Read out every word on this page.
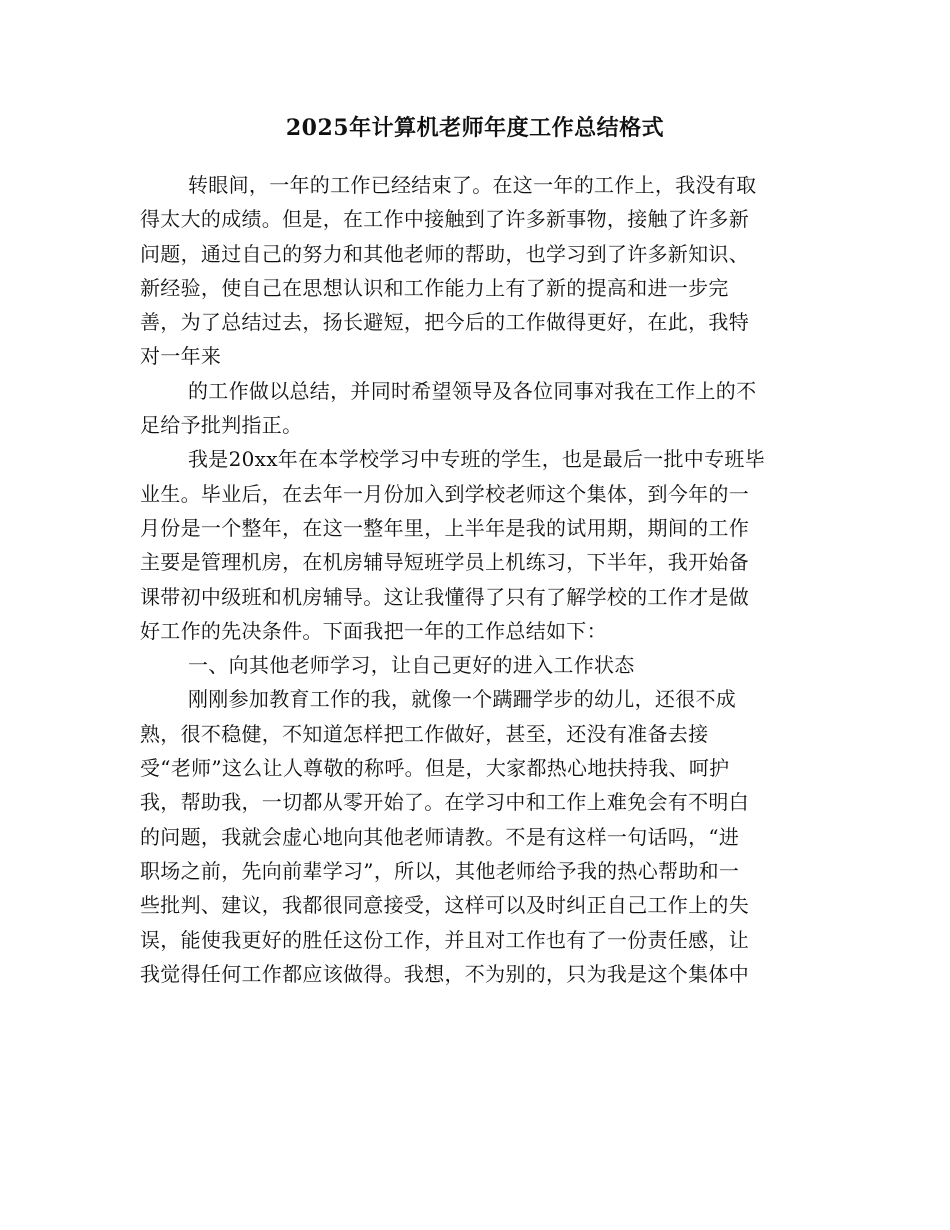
2025年计算机老师年度工作总结格式
转眼间，一年的工作已经结束了。在这一年的工作上，我没有取
得太大的成绩。但是，在工作中接触到了许多新事物，接触了许多新
问题，通过自己的努力和其他老师的帮助，也学习到了许多新知识、
新经验，使自己在思想认识和工作能力上有了新的提高和进一步完
善，为了总结过去，扬长避短，把今后的工作做得更好，在此，我特
对一年来
的工作做以总结，并同时希望领导及各位同事对我在工作上的不
足给予批判指正。
我是20xx年在本学校学习中专班的学生，也是最后一批中专班毕
业生。毕业后，在去年一月份加入到学校老师这个集体，到今年的一
月份是一个整年，在这一整年里，上半年是我的试用期，期间的工作
主要是管理机房，在机房辅导短班学员上机练习，下半年，我开始备
课带初中级班和机房辅导。这让我懂得了只有了解学校的工作才是做
好工作的先决条件。下面我把一年的工作总结如下：
一、向其他老师学习，让自己更好的进入工作状态
刚刚参加教育工作的我，就像一个蹒跚学步的幼儿，还很不成
熟，很不稳健，不知道怎样把工作做好，甚至，还没有准备去接
受“老师”这么让人尊敬的称呼。但是，大家都热心地扶持我、呵护
我，帮助我，一切都从零开始了。在学习中和工作上难免会有不明白
的问题，我就会虚心地向其他老师请教。不是有这样一句话吗，“进
职场之前，先向前辈学习”，所以，其他老师给予我的热心帮助和一
些批判、建议，我都很同意接受，这样可以及时纠正自己工作上的失
误，能使我更好的胜任这份工作，并且对工作也有了一份责任感，让
我觉得任何工作都应该做得。我想，不为别的，只为我是这个集体中
